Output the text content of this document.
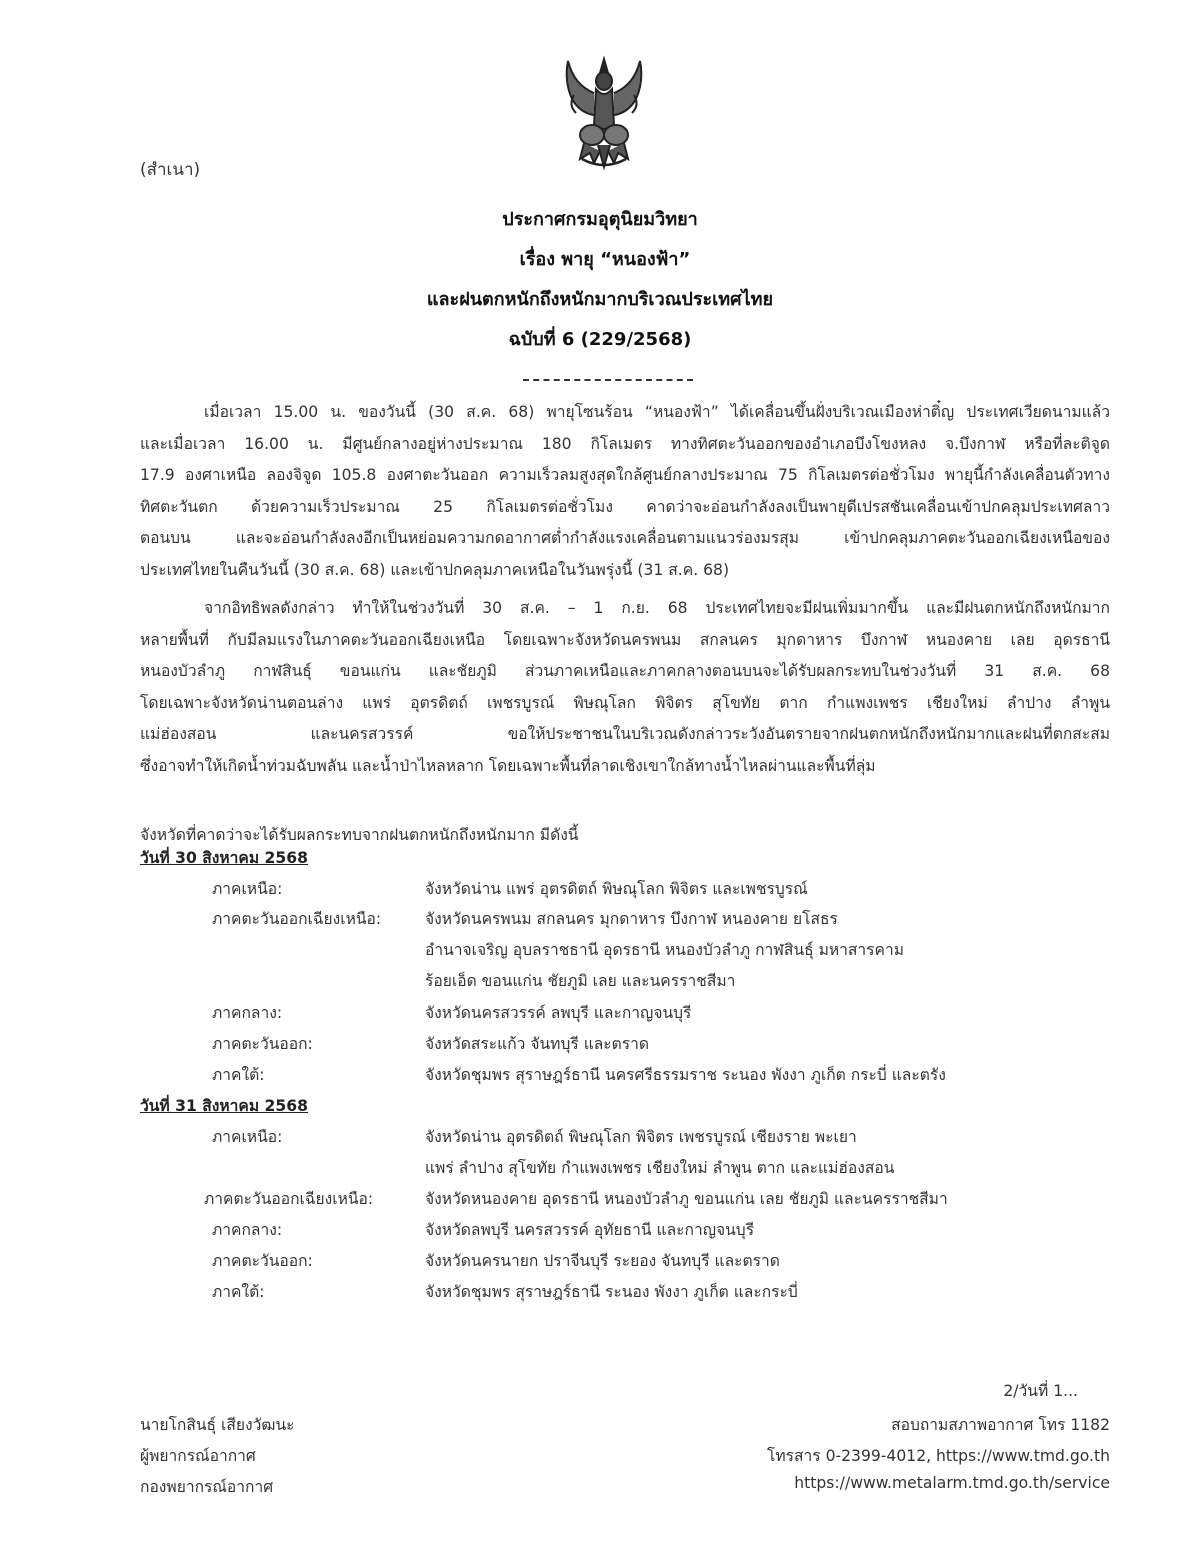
(สำเนา)
ประกาศกรมอุตุนิยมวิทยา
เรื่อง พายุ “หนองฟ้า”
และฝนตกหนักถึงหนักมากบริเวณประเทศไทย
ฉบับที่ 6 (229/2568)
เมื่อเวลา 15.00 น. ของวันนี้ (30 ส.ค. 68) พายุโซนร้อน “หนองฟ้า” ได้เคลื่อนขึ้นฝั่งบริเวณเมืองห่าติ๋ญ ประเทศเวียดนามแล้ว
และเมื่อเวลา 16.00 น. มีศูนย์กลางอยู่ห่างประมาณ 180 กิโลเมตร ทางทิศตะวันออกของอำเภอบึงโขงหลง จ.บึงกาฬ หรือที่ละติจูด
17.9 องศาเหนือ ลองจิจูด 105.8 องศาตะวันออก ความเร็วลมสูงสุดใกล้ศูนย์กลางประมาณ 75 กิโลเมตรต่อชั่วโมง พายุนี้กำลังเคลื่อนตัวทาง
ทิศตะวันตก ด้วยความเร็วประมาณ 25 กิโลเมตรต่อชั่วโมง คาดว่าจะอ่อนกำลังลงเป็นพายุดีเปรสชันเคลื่อนเข้าปกคลุมประเทศลาว
ตอนบน และจะอ่อนกำลังลงอีกเป็นหย่อมความกดอากาศต่ำกำลังแรงเคลื่อนตามแนวร่องมรสุม เข้าปกคลุมภาคตะวันออกเฉียงเหนือของ
ประเทศไทยในคืนวันนี้ (30 ส.ค. 68) และเข้าปกคลุมภาคเหนือในวันพรุ่งนี้ (31 ส.ค. 68)
จากอิทธิพลดังกล่าว ทำให้ในช่วงวันที่ 30 ส.ค. – 1 ก.ย. 68 ประเทศไทยจะมีฝนเพิ่มมากขึ้น และมีฝนตกหนักถึงหนักมาก
หลายพื้นที่ กับมีลมแรงในภาคตะวันออกเฉียงเหนือ โดยเฉพาะจังหวัดนครพนม สกลนคร มุกดาหาร บึงกาฬ หนองคาย เลย อุดรธานี
หนองบัวลำภู กาฬสินธุ์ ขอนแก่น และชัยภูมิ ส่วนภาคเหนือและภาคกลางตอนบนจะได้รับผลกระทบในช่วงวันที่ 31 ส.ค. 68
โดยเฉพาะจังหวัดน่านตอนล่าง แพร่ อุตรดิตถ์ เพชรบูรณ์ พิษณุโลก พิจิตร สุโขทัย ตาก กำแพงเพชร เชียงใหม่ ลำปาง ลำพูน
แม่ฮ่องสอน และนครสวรรค์ ขอให้ประชาชนในบริเวณดังกล่าวระวังอันตรายจากฝนตกหนักถึงหนักมากและฝนที่ตกสะสม
ซึ่งอาจทำให้เกิดน้ำท่วมฉับพลัน และน้ำป่าไหลหลาก โดยเฉพาะพื้นที่ลาดเชิงเขาใกล้ทางน้ำไหลผ่านและพื้นที่ลุ่ม
จังหวัดที่คาดว่าจะได้รับผลกระทบจากฝนตกหนักถึงหนักมาก มีดังนี้
วันที่ 30 สิงหาคม 2568
ภาคเหนือ:	จังหวัดน่าน แพร่ อุตรดิตถ์ พิษณุโลก พิจิตร และเพชรบูรณ์
ภาคตะวันออกเฉียงเหนือ:	จังหวัดนครพนม สกลนคร มุกดาหาร บึงกาฬ หนองคาย ยโสธร
อำนาจเจริญ อุบลราชธานี อุดรธานี หนองบัวลำภู กาฬสินธุ์ มหาสารคาม
ร้อยเอ็ด ขอนแก่น ชัยภูมิ เลย และนครราชสีมา
ภาคกลาง:	จังหวัดนครสวรรค์ ลพบุรี และกาญจนบุรี
ภาคตะวันออก:	จังหวัดสระแก้ว จันทบุรี และตราด
ภาคใต้:	จังหวัดชุมพร สุราษฎร์ธานี นครศรีธรรมราช ระนอง พังงา ภูเก็ต กระบี่ และตรัง
วันที่ 31 สิงหาคม 2568
ภาคเหนือ:	จังหวัดน่าน อุตรดิตถ์ พิษณุโลก พิจิตร เพชรบูรณ์ เชียงราย พะเยา
แพร่ ลำปาง สุโขทัย กำแพงเพชร เชียงใหม่ ลำพูน ตาก และแม่ฮ่องสอน
ภาคตะวันออกเฉียงเหนือ:	จังหวัดหนองคาย อุดรธานี หนองบัวลำภู ขอนแก่น เลย ชัยภูมิ และนครราชสีมา
ภาคกลาง:	จังหวัดลพบุรี นครสวรรค์ อุทัยธานี และกาญจนบุรี
ภาคตะวันออก:	จังหวัดนครนายก ปราจีนบุรี ระยอง จันทบุรี และตราด
ภาคใต้:	จังหวัดชุมพร สุราษฎร์ธานี ระนอง พังงา ภูเก็ต และกระบี่
2/วันที่ 1...
นายโกสินธุ์ เสียงวัฒนะ
ผู้พยากรณ์อากาศ
กองพยากรณ์อากาศ
สอบถามสภาพอากาศ โทร 1182
โทรสาร 0-2399-4012, https://www.tmd.go.th
https://www.metalarm.tmd.go.th/service
